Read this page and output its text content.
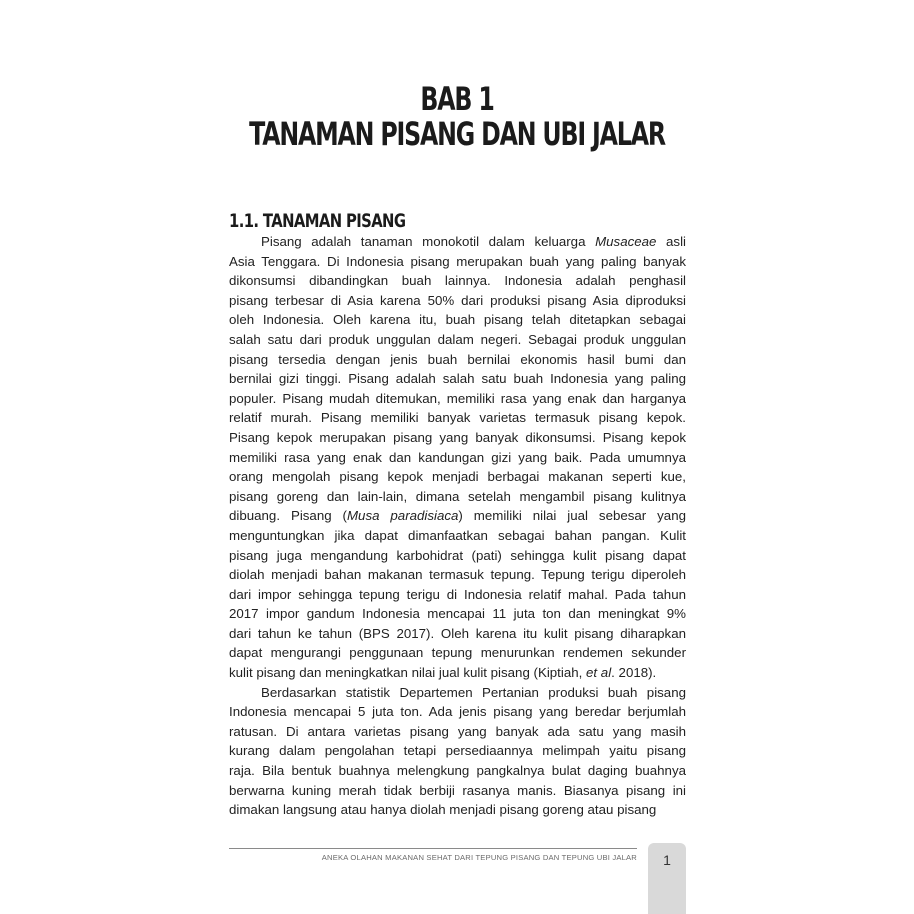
BAB 1
TANAMAN PISANG DAN UBI JALAR
1.1. TANAMAN PISANG
Pisang adalah tanaman monokotil dalam keluarga Musaceae asli
Asia Tenggara. Di Indonesia pisang merupakan buah yang paling banyak
dikonsumsi dibandingkan buah lainnya. Indonesia adalah penghasil
pisang terbesar di Asia karena 50% dari produksi pisang Asia diproduksi
oleh Indonesia. Oleh karena itu, buah pisang telah ditetapkan sebagai
salah satu dari produk unggulan dalam negeri. Sebagai produk unggulan
pisang tersedia dengan jenis buah bernilai ekonomis hasil bumi dan
bernilai gizi tinggi. Pisang adalah salah satu buah Indonesia yang paling
populer. Pisang mudah ditemukan, memiliki rasa yang enak dan harganya
relatif murah. Pisang memiliki banyak varietas termasuk pisang kepok.
Pisang kepok merupakan pisang yang banyak dikonsumsi. Pisang kepok
memiliki rasa yang enak dan kandungan gizi yang baik. Pada umumnya
orang mengolah pisang kepok menjadi berbagai makanan seperti kue,
pisang goreng dan lain-lain, dimana setelah mengambil pisang kulitnya
dibuang. Pisang (Musa paradisiaca) memiliki nilai jual sebesar yang
menguntungkan jika dapat dimanfaatkan sebagai bahan pangan. Kulit
pisang juga mengandung karbohidrat (pati) sehingga kulit pisang dapat
diolah menjadi bahan makanan termasuk tepung. Tepung terigu diperoleh
dari impor sehingga tepung terigu di Indonesia relatif mahal. Pada tahun
2017 impor gandum Indonesia mencapai 11 juta ton dan meningkat 9%
dari tahun ke tahun (BPS 2017). Oleh karena itu kulit pisang diharapkan
dapat mengurangi penggunaan tepung menurunkan rendemen sekunder
kulit pisang dan meningkatkan nilai jual kulit pisang (Kiptiah, et al. 2018).
Berdasarkan statistik Departemen Pertanian produksi buah pisang
Indonesia mencapai 5 juta ton. Ada jenis pisang yang beredar berjumlah
ratusan. Di antara varietas pisang yang banyak ada satu yang masih
kurang dalam pengolahan tetapi persediaannya melimpah yaitu pisang
raja. Bila bentuk buahnya melengkung pangkalnya bulat daging buahnya
berwarna kuning merah tidak berbiji rasanya manis. Biasanya pisang ini
dimakan langsung atau hanya diolah menjadi pisang goreng atau pisang
ANEKA OLAHAN MAKANAN SEHAT DARI TEPUNG PISANG DAN TEPUNG UBI JALAR	1
